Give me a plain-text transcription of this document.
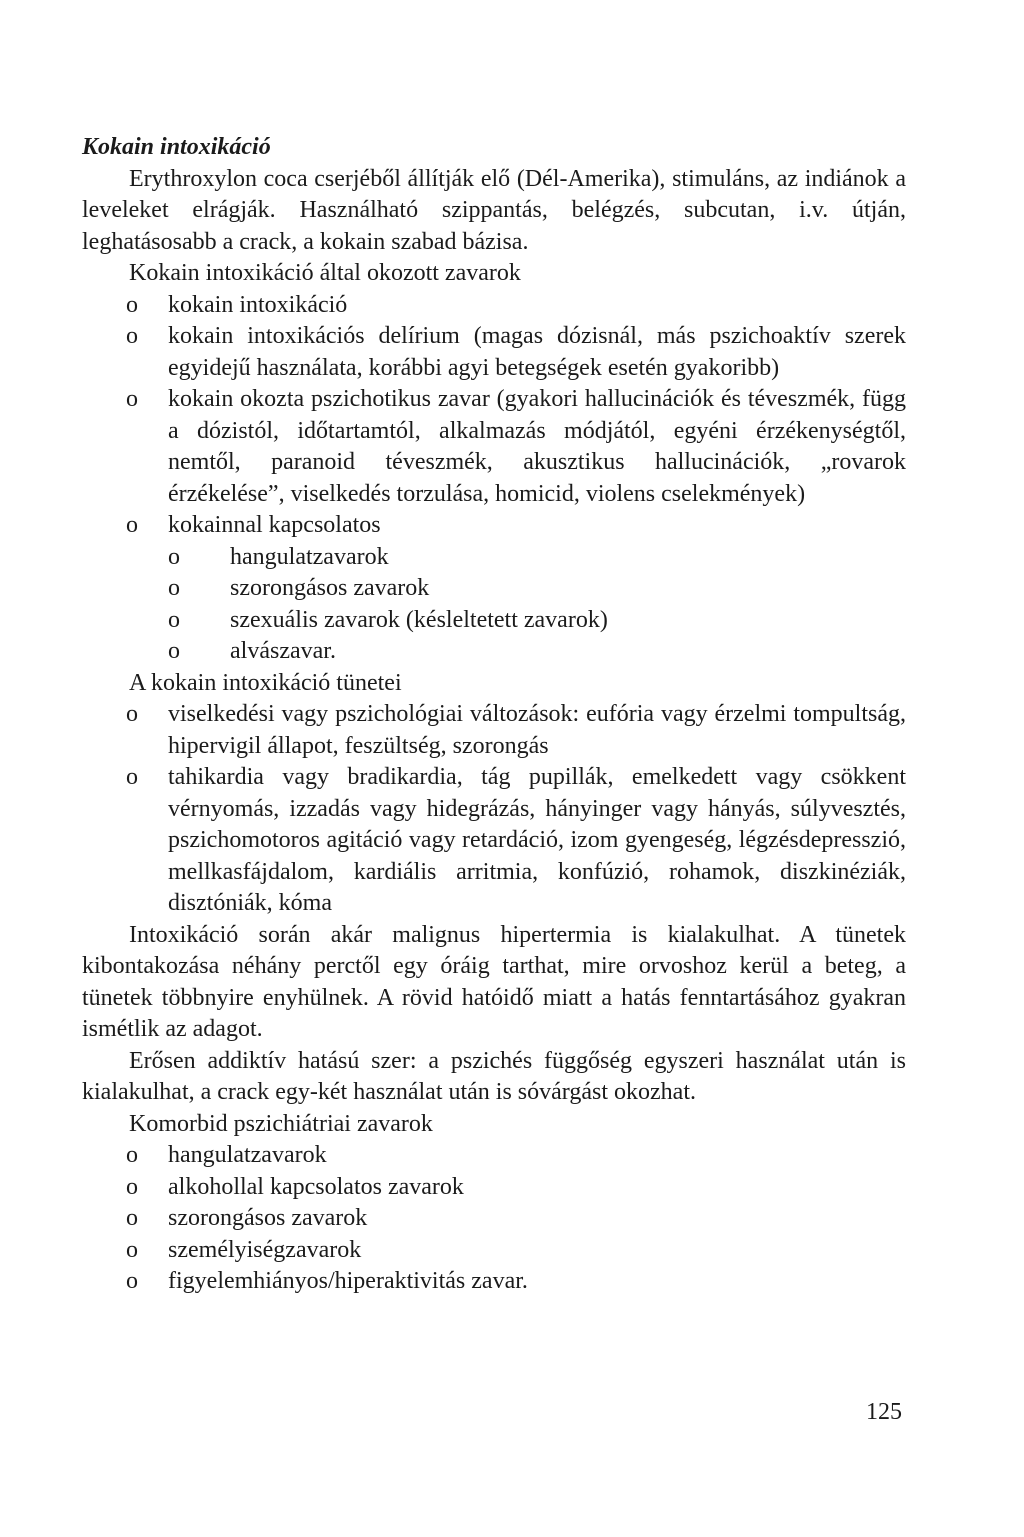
Kokain intoxikáció

Erythroxylon coca cserjéből állítják elő (Dél-Amerika), stimuláns, az indiánok a leveleket elrágják. Használható szippantás, belégzés, subcutan, i.v. útján, leghatásosabb a crack, a kokain szabad bázisa.

Kokain intoxikáció által okozott zavarok

o kokain intoxikáció
o kokain intoxikációs delírium (magas dózisnál, más pszichoaktív szerek egyidejű használata, korábbi agyi betegségek esetén gyakoribb)
o kokain okozta pszichotikus zavar (gyakori hallucinációk és téveszmék, függ a dózistól, időtartamtól, alkalmazás módjától, egyéni érzékenységtől, nemtől, paranoid téveszmék, akusztikus hallucinációk, „rovarok érzékelése”, viselkedés torzulása, homicid, violens cselekmények)
o kokainnal kapcsolatos
o hangulatzavarok
o szorongásos zavarok
o szexuális zavarok (késleltetett zavarok)
o alvászavar.

A kokain intoxikáció tünetei

o viselkedési vagy pszichológiai változások: eufória vagy érzelmi tompultság, hipervigil állapot, feszültség, szorongás
o tahikardia vagy bradikardia, tág pupillák, emelkedett vagy csökkent vérnyomás, izzadás vagy hidegrázás, hányinger vagy hányás, súlyvesztés, pszichomotoros agitáció vagy retardáció, izom gyengeség, légzésdepresszió, mellkasfájdalom, kardiális arritmia, konfúzió, rohamok, diszkinéziák, disztóniák, kóma

Intoxikáció során akár malignus hipertermia is kialakulhat. A tünetek kibontakozása néhány perctől egy óráig tarthat, mire orvoshoz kerül a beteg, a tünetek többnyire enyhülnek. A rövid hatóidő miatt a hatás fenntartásához gyakran ismétlik az adagot.

Erősen addiktív hatású szer: a pszichés függőség egyszeri használat után is kialakulhat, a crack egy-két használat után is sóvárgást okozhat.

Komorbid pszichiátriai zavarok

o hangulatzavarok
o alkohollal kapcsolatos zavarok
o szorongásos zavarok
o személyiségzavarok
o figyelemhiányos/hiperaktivitás zavar.
125
